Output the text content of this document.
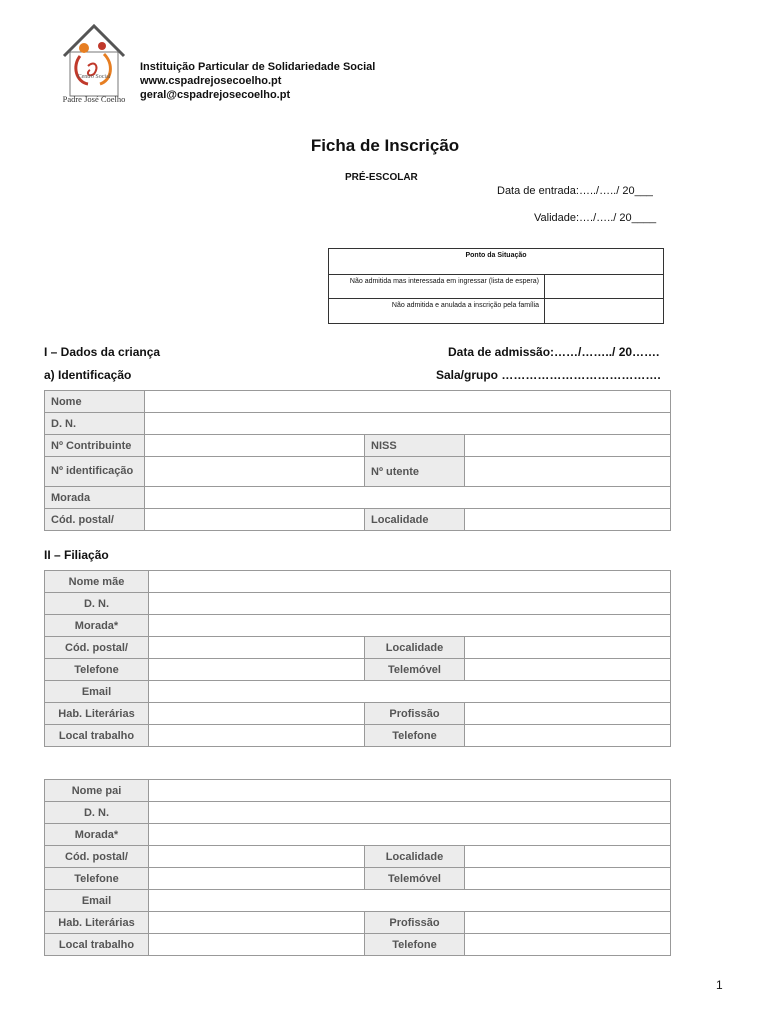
Centro Social
Padre José Coelho
Instituição Particular de Solidariedade Social
www.cspadrejosecoelho.pt
geral@cspadrejosecoelho.pt
Ficha de Inscrição
PRÉ-ESCOLAR
Data de entrada:…../…../ 20___
Validade:…./…../ 20____
Ponto da Situação
Não admitida mas interessada em ingressar (lista de espera)
Não admitida e anulada a inscrição pela família
I – Dados da criança	Data de admissão:……/……../ 20…….
a) Identificação	Sala/grupo ………………………………….
Nome			
D. N.			
Nº Contribuinte		NISS	
Nº identificação		Nº utente	
Morada			
Cód. postal/		Localidade	
II – Filiação
Nome mãe			
D. N.			
Morada*			
Cód. postal/		Localidade	
Telefone		Telemóvel	
Email			
Hab. Literárias		Profissão	
Local trabalho		Telefone	
Nome pai			
D. N.			
Morada*			
Cód. postal/		Localidade	
Telefone		Telemóvel	
Email			
Hab. Literárias		Profissão	
Local trabalho		Telefone	
1
